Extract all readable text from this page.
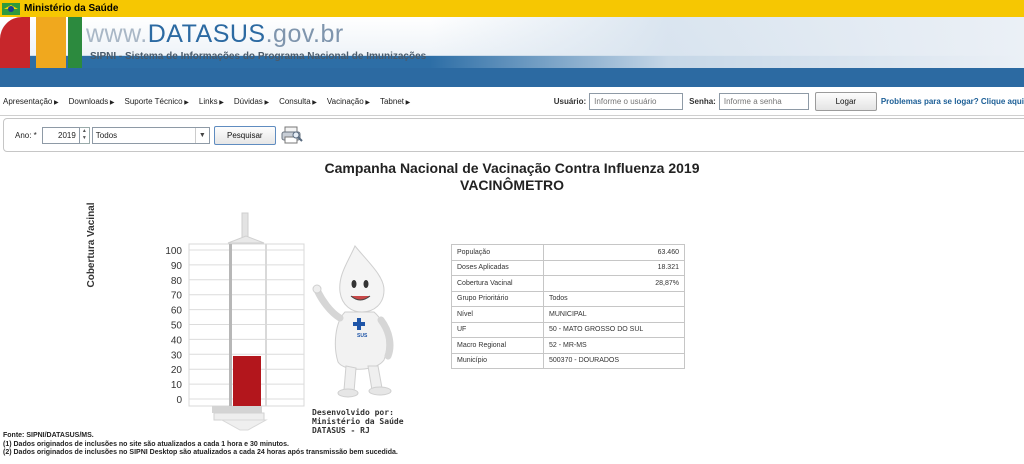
Ministério da Saúde
www.DATASUS.gov.br
SIPNI - Sistema de Informações do Programa Nacional de Imunizações
Apresentação ▶	Downloads ▶	Suporte Técnico ▶	Links ▶	Dúvidas ▶	Consulta ▶	Vacinação ▶	Tabnet ▶	Usuário:
Informe o usuário	Senha:
Informe a senha	Logar	Problemas para se logar? Clique aqui
Ano: *	2019	▲
▼ Todos	▼	Pesquisar
Campanha Nacional de Vacinação Contra Influenza 2019
VACINÔMETRO
100
90
80
70
60
50
40
30
20
10
0
SUS
Cobertura Vacinal
Desenvolvido por:
Ministério da Saúde
DATASUS - RJ
População	63.460
Doses Aplicadas	18.321
Cobertura Vacinal	28,87%
Grupo Prioritário	Todos
Nível	MUNICIPAL
UF	50 - MATO GROSSO DO SUL
Macro Regional	52 - MR-MS
Município	500370 - DOURADOS
Fonte: SIPNI/DATASUS/MS.
(1) Dados originados de inclusões no site são atualizados a cada 1 hora e 30 minutos.
(2) Dados originados de inclusões no SIPNI Desktop são atualizados a cada 24 horas após transmissão bem sucedida.
